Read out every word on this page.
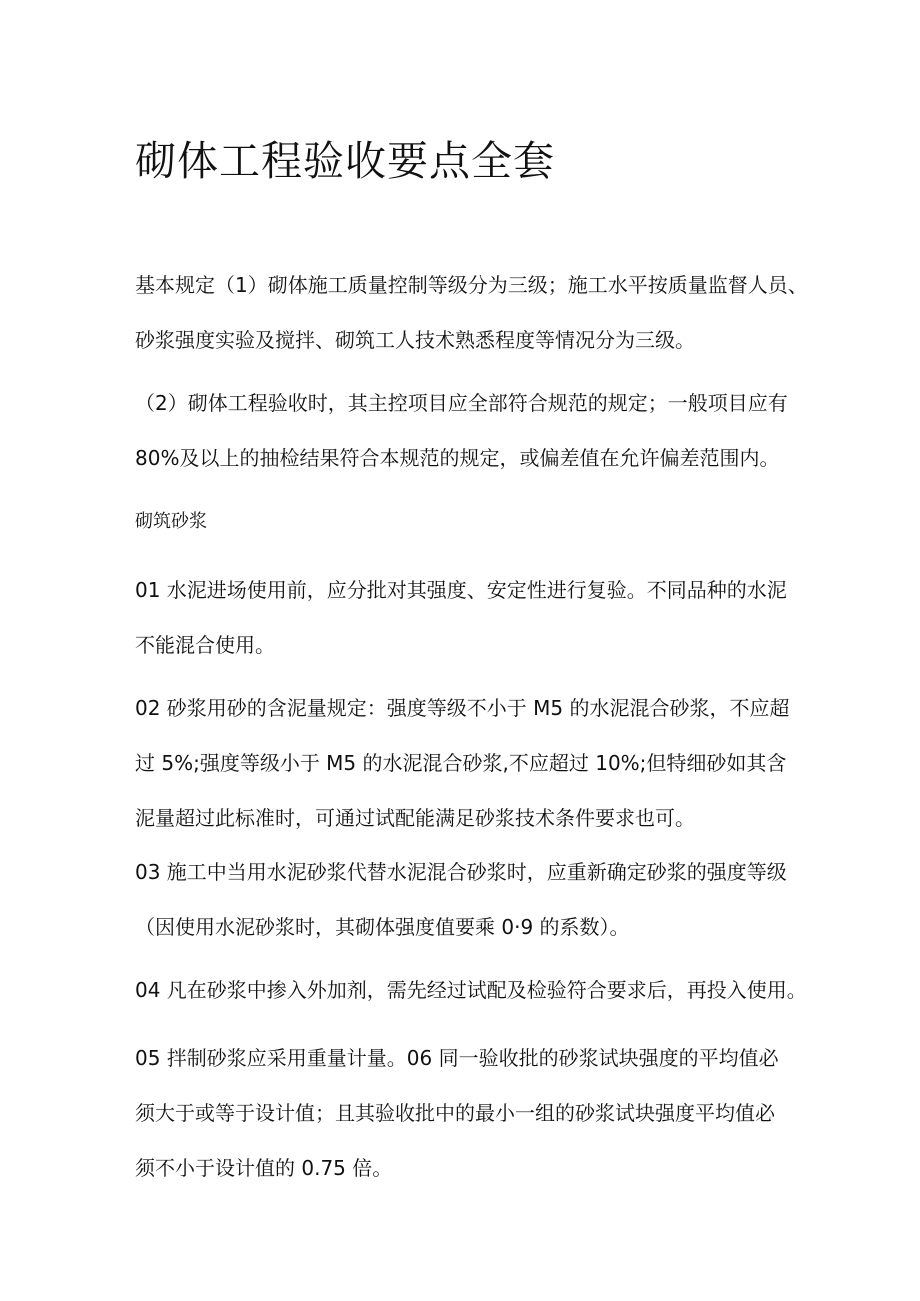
砌体工程验收要点全套

基本规定（1）砌体施工质量控制等级分为三级；施工水平按质量监督人员、
砂浆强度实验及搅拌、砌筑工人技术熟悉程度等情况分为三级。

（2）砌体工程验收时，其主控项目应全部符合规范的规定；一般项目应有
80%及以上的抽检结果符合本规范的规定，或偏差值在允许偏差范围内。

砌筑砂浆

01 水泥进场使用前，应分批对其强度、安定性进行复验。不同品种的水泥
不能混合使用。

02 砂浆用砂的含泥量规定：强度等级不小于 M5 的水泥混合砂浆，不应超
过 5%;强度等级小于 M5 的水泥混合砂浆,不应超过 10%;但特细砂如其含
泥量超过此标准时，可通过试配能满足砂浆技术条件要求也可。

03 施工中当用水泥砂浆代替水泥混合砂浆时，应重新确定砂浆的强度等级
（因使用水泥砂浆时，其砌体强度值要乘 0·9 的系数）。

04 凡在砂浆中掺入外加剂，需先经过试配及检验符合要求后，再投入使用。

05 拌制砂浆应采用重量计量。06 同一验收批的砂浆试块强度的平均值必
须大于或等于设计值；且其验收批中的最小一组的砂浆试块强度平均值必
须不小于设计值的 0.75 倍。
